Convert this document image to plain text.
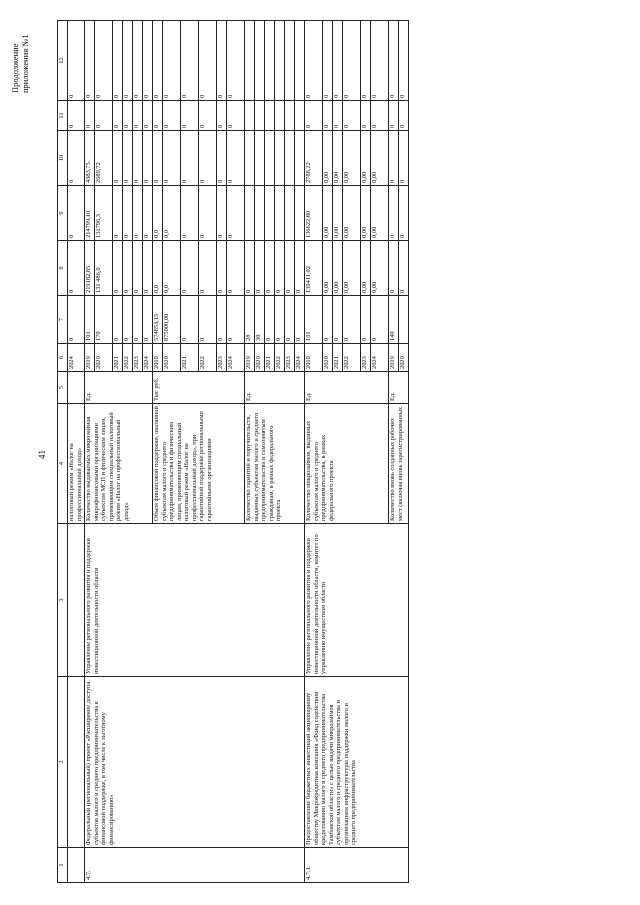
41
Продолжение приложения №1
1	2	3	4	5	6	7	8	9	10	11	12
			налоговый режим «Налог на профессиональный доход»		2024	0	0	0	0	0	0
4.7.	Федеральный (региональный) проект «Расширение доступа субъектов малого и среднего предпринимательства к финансовой поддержке, в том числе к льготному финансированию»	Управление регионального развития и поддержки инвестиционной деятельности области	Количество выдаваемых микрозаймов микрофинансовыми организациями субъектам МСП и физическим лицам, применяющим специальный налоговый режим «Налог на профессиональный доход»	Ед.	2019	101	219182,85	214799,10	4383,75	0	0
					2020	170	131 486,0	131796,3	2689,72	0	0
					2021	0	0	0	0	0	0
					2022	0	0	0	0	0	0
					2023	0	0	0	0	0	0
					2024	0	0	0	0	0	0
			Объем финансовой поддержки, оказанной субъектам малого и среднего предпринимательства и физическим лицам, применяющим специальный налоговый режим «Налог на профессиональный доход», при гарантийной поддержке региональными гарантийными организациями	Тыс руб.	2019	574853,15	0,0	0,0	0	0	0
					2020	875000,00	0,0	0,0	0	0	0
					2021	0	0	0	0	0	0
					2022	0	0	0	0	0	0
					2023	0	0	0	0	0	0
					2024	0	0	0	0	0	0
			Количество гарантий и поручительств, выданных субъектам малого и среднего предпринимательства и самозанятым гражданам, в рамках федерального проекта	Ед.	2019	28	0				
					2020	30	0				
					2021	0	0				
					2022	0	0				
					2023	0	0				
					2024	0	0				
4.7.1.	Предоставление бюджетных инвестиций акционерному обществу Микрокредитная компания «Фонд содействия кредитованию малого и среднего предпринимательства Тамбовской области» с целью выдачи микрозаймов субъектам малого и среднего предпринимательства и организациям инфраструктуры поддержки малого и среднего предпринимательства	Управление регионального развития и поддержки инвестиционной деятельности области, комитет по управлению имуществом области	Количество микрозаймов, выданных субъектам малого и среднего предпринимательства, в рамках федерального проекта	Ед.	2019	101	139411,02	136622,80	2788,22	0	0
					2020	0	0,00	0,00	0,00	0	0
					2021	0	0,00	0,00	0,00	0	0
					2022	0	0,00	0,00	0,00	0	0
					2023	0	0,00	0,00	0,00	0	0
					2024	0	0,00	0,00	0,00	0	0
			Количество вновь созданных рабочих мест (включая вновь зарегистрированных	Ед.	2019	140	0	0	0	0	0
					2020		0	0	0	0	0
